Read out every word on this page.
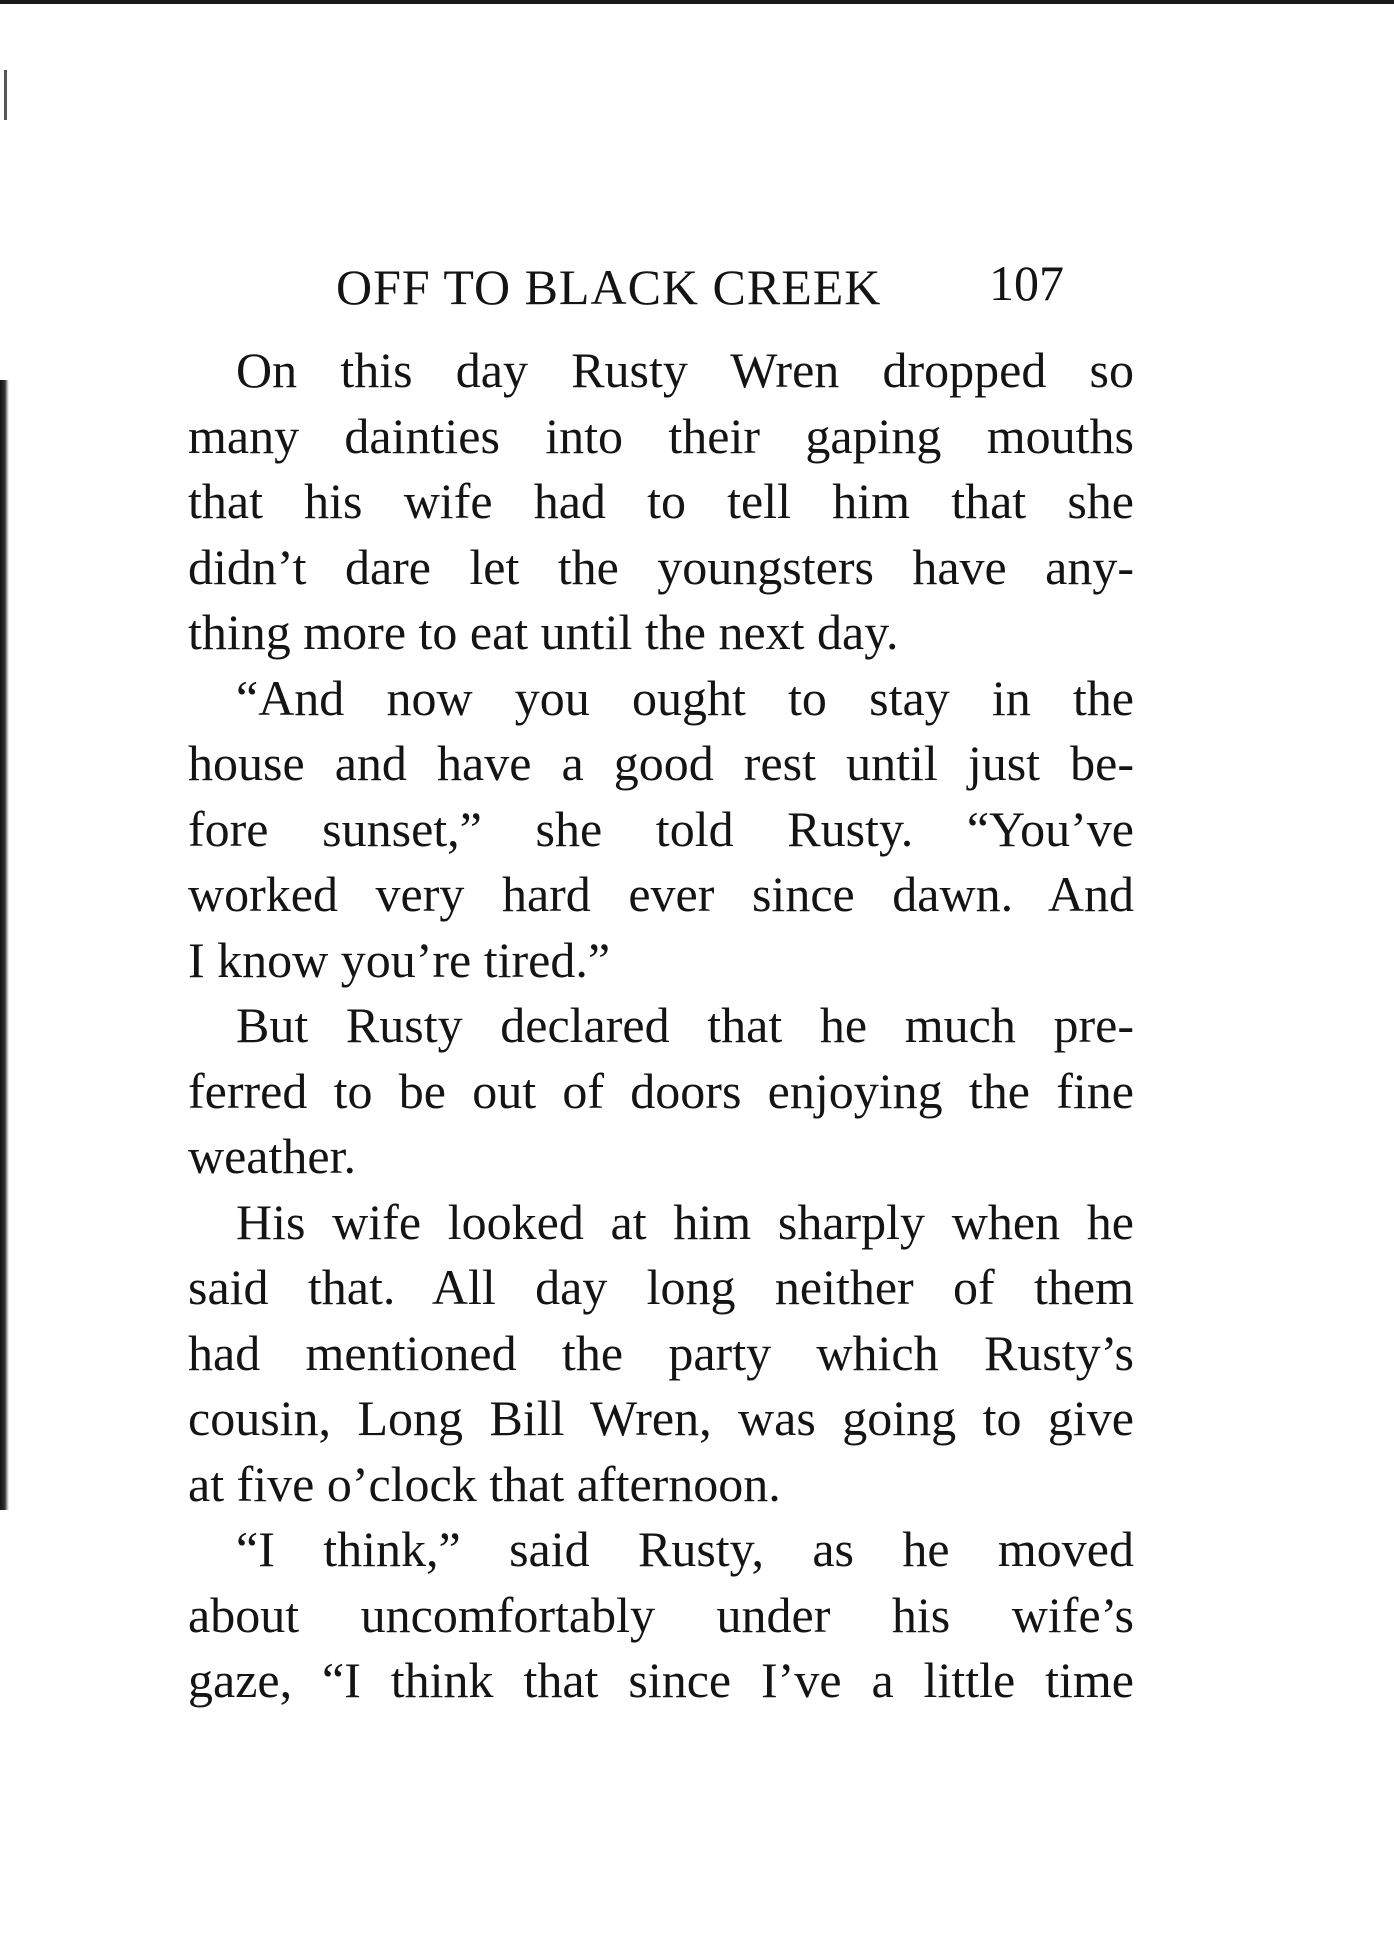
OFF TO BLACK CREEK 107

On this day Rusty Wren dropped so
many dainties into their gaping mouths
that his wife had to tell him that she
didn’t dare let the youngsters have any-
thing more to eat until the next day.

“And now you ought to stay in the
house and have a good rest until just be-
fore sunset,” she told Rusty. “You’ve
worked very hard ever since dawn. And
I know you’re tired.”

But Rusty declared that he much pre-
ferred to be out of doors enjoying the fine
weather.

His wife looked at him sharply when he
said that. All day long neither of them
had mentioned the party which Rusty’s
cousin, Long Bill Wren, was going to give
at five o’clock that afternoon.

“I think,” said Rusty, as he moved
about uncomfortably under his wife’s
gaze, “I think that since I’ve a little time
